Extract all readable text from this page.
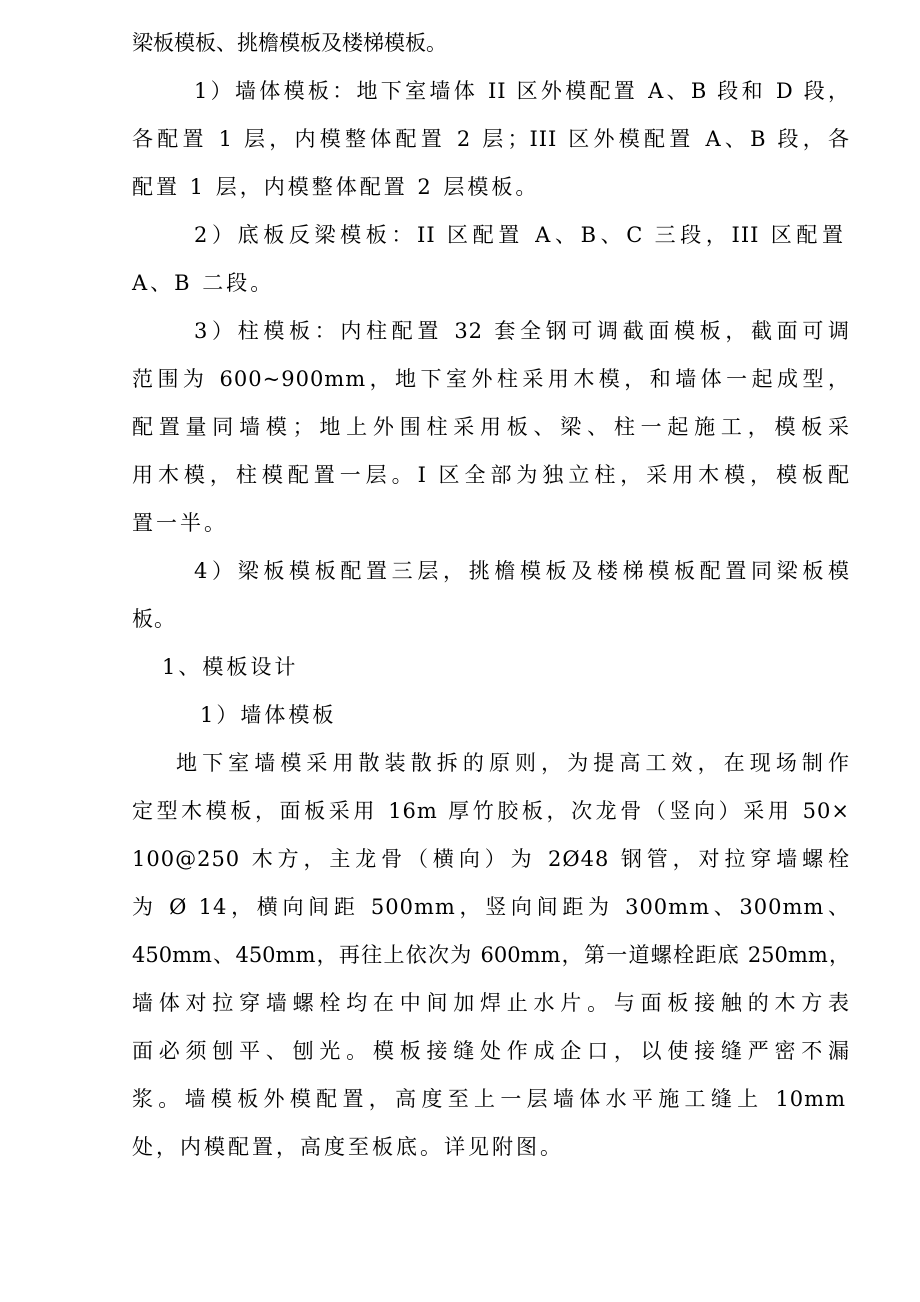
梁板模板、挑檐模板及楼梯模板。
1）墙体模板：地下室墙体 II 区外模配置 A、B 段和 D 段，
各配置 1 层，内模整体配置 2 层；III 区外模配置 A、B 段，各
配置 1 层，内模整体配置 2 层模板。
2）底板反梁模板：II 区配置 A、B、C 三段，III 区配置
A、B 二段。
3）柱模板：内柱配置 32 套全钢可调截面模板，截面可调
范围为 600~900mm，地下室外柱采用木模，和墙体一起成型，
配置量同墙模；地上外围柱采用板、梁、柱一起施工，模板采
用木模，柱模配置一层。I 区全部为独立柱，采用木模，模板配
置一半。
4）梁板模板配置三层，挑檐模板及楼梯模板配置同梁板模
板。
1、模板设计
1）墙体模板
地下室墙模采用散装散拆的原则，为提高工效，在现场制作
定型木模板，面板采用 16m 厚竹胶板，次龙骨（竖向）采用 50×
100@250 木方，主龙骨（横向）为 2Ø48 钢管，对拉穿墙螺栓
为 Ø 14，横向间距 500mm，竖向间距为 300mm、300mm、
450mm、450mm，再往上依次为 600mm，第一道螺栓距底 250mm，
墙体对拉穿墙螺栓均在中间加焊止水片。与面板接触的木方表
面必须刨平、刨光。模板接缝处作成企口，以使接缝严密不漏
浆。墙模板外模配置，高度至上一层墙体水平施工缝上 10mm
处，内模配置，高度至板底。详见附图。
